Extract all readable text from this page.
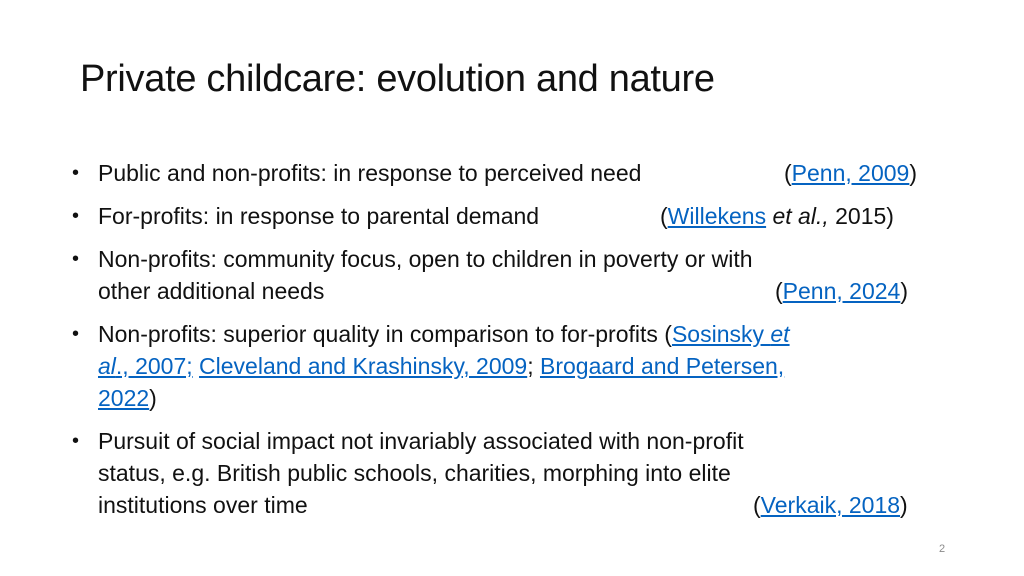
Private childcare: evolution and nature
• Public and non-profits: in response to perceived need	(Penn, 2009)
• For-profits: in response to parental demand	(Willekens et al., 2015)
• Non-profits: community focus, open to children in poverty or with
other additional needs	(Penn, 2024)
• Non-profits: superior quality in comparison to for-profits (Sosinsky et
al., 2007; Cleveland and Krashinsky, 2009; Brogaard and Petersen,
2022)
• Pursuit of social impact not invariably associated with non-profit
status, e.g. British public schools, charities, morphing into elite
institutions over time	(Verkaik, 2018)
2
